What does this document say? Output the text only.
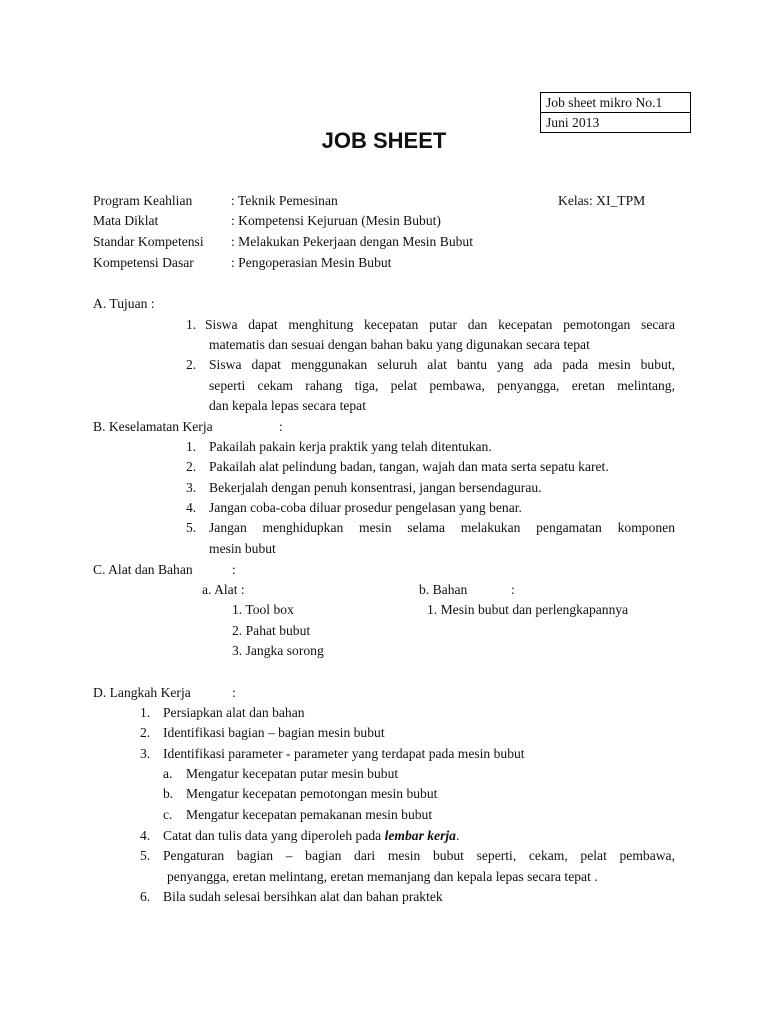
Job sheet mikro No.1
Juni 2013
JOB SHEET
Program Keahlian	: Teknik Pemesinan	Kelas: XI_TPM
Mata Diklat	: Kompetensi Kejuruan (Mesin Bubut)
Standar Kompetensi : Melakukan Pekerjaan dengan Mesin Bubut
Kompetensi Dasar	: Pengoperasian Mesin Bubut
A. Tujuan :
1. Siswa dapat menghitung kecepatan putar dan kecepatan pemotongan secara
matematis dan sesuai dengan bahan baku yang digunakan secara tepat
2. Siswa dapat menggunakan seluruh alat bantu yang ada pada mesin bubut,
seperti cekam rahang tiga, pelat pembawa, penyangga, eretan melintang,
dan kepala lepas secara tepat
B. Keselamatan Kerja	:
1. Pakailah pakain kerja praktik yang telah ditentukan.
2. Pakailah alat pelindung badan, tangan, wajah dan mata serta sepatu karet.
3. Bekerjalah dengan penuh konsentrasi, jangan bersendagurau.
4. Jangan coba-coba diluar prosedur pengelasan yang benar.
5. Jangan menghidupkan mesin selama melakukan pengamatan komponen
mesin bubut
C. Alat dan Bahan	:
a. Alat :
1. Tool box
2. Pahat bubut
3. Jangka sorong
b. Bahan	:
1. Mesin bubut dan perlengkapannya
D. Langkah Kerja	:
1. Persiapkan alat dan bahan
2. Identifikasi bagian – bagian mesin bubut
3. Identifikasi parameter - parameter yang terdapat pada mesin bubut
a. Mengatur kecepatan putar mesin bubut
b. Mengatur kecepatan pemotongan mesin bubut
c. Mengatur kecepatan pemakanan mesin bubut
4. Catat dan tulis data yang diperoleh pada lembar kerja.
5. Pengaturan bagian – bagian dari mesin bubut seperti, cekam, pelat pembawa,
penyangga, eretan melintang, eretan memanjang dan kepala lepas secara tepat .
6. Bila sudah selesai bersihkan alat dan bahan praktek
